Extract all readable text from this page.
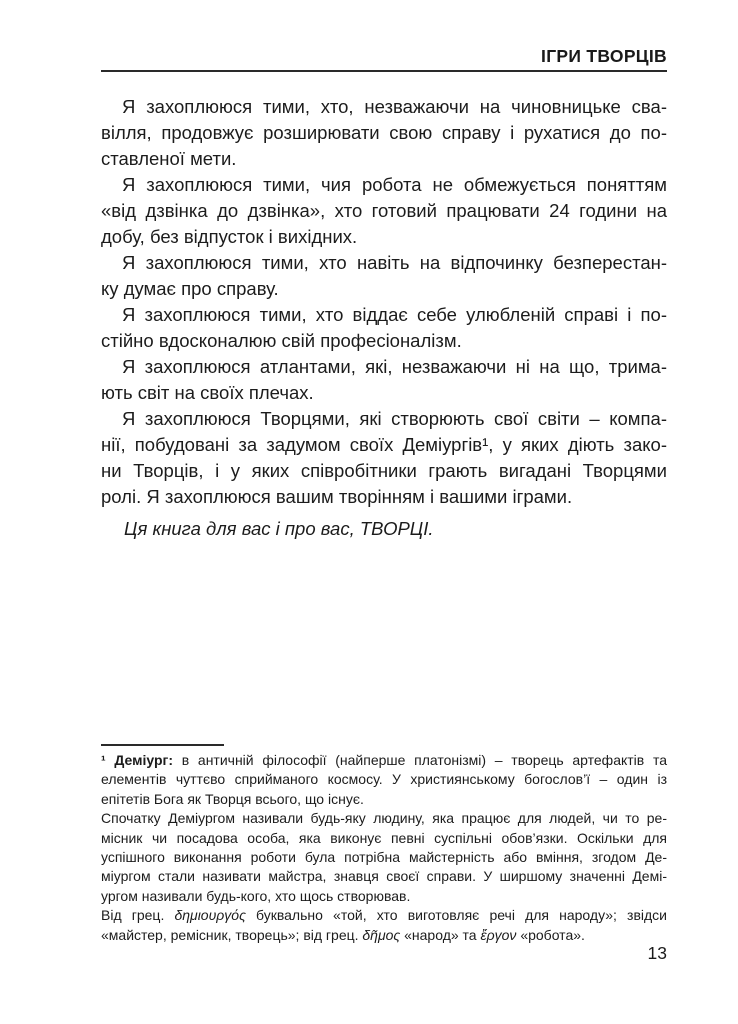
ІГРИ ТВОРЦІВ
Я захоплююся тими, хто, незважаючи на чиновницьке сва-
вілля, продовжує розширювати свою справу і рухатися до по-
ставленої мети.
Я захоплююся тими, чия робота не обмежується поняттям
«від дзвінка до дзвінка», хто готовий працювати 24 години на
добу, без відпусток і вихідних.
Я захоплююся тими, хто навіть на відпочинку безперестан-
ку думає про справу.
Я захоплююся тими, хто віддає себе улюбленій справі і по-
стійно вдосконалюю свій професіоналізм.
Я захоплююся атлантами, які, незважаючи ні на що, трима-
ють світ на своїх плечах.
Я захоплююся Творцями, які створюють свої світи – компа-
нії, побудовані за задумом своїх Деміургів¹, у яких діють зако-
ни Творців, і у яких співробітники грають вигадані Творцями
ролі. Я захоплююся вашим творінням і вашими іграми.
Ця книга для вас і про вас, ТВОРЦІ.
¹ Деміург: в античній філософії (найперше платонізмі) – творець артефактів та
елементів чуттєво сприйманого космосу. У християнському богослов’ї – один із
епітетів Бога як Творця всього, що існує.
Спочатку Деміургом називали будь-яку людину, яка працює для людей, чи то ре-
місник чи посадова особа, яка виконує певні суспільні обов’язки. Оскільки для
успішного виконання роботи була потрібна майстерність або вміння, згодом Де-
міургом стали називати майстра, знавця своєї справи. У ширшому значенні Демі-
ургом називали будь-кого, хто щось створював.
Від грец. δημιουργός буквально «той, хто виготовляє речі для народу»; звідси
«майстер, ремісник, творець»; від грец. δῆμος «народ» та ἔργον «робота».
13
